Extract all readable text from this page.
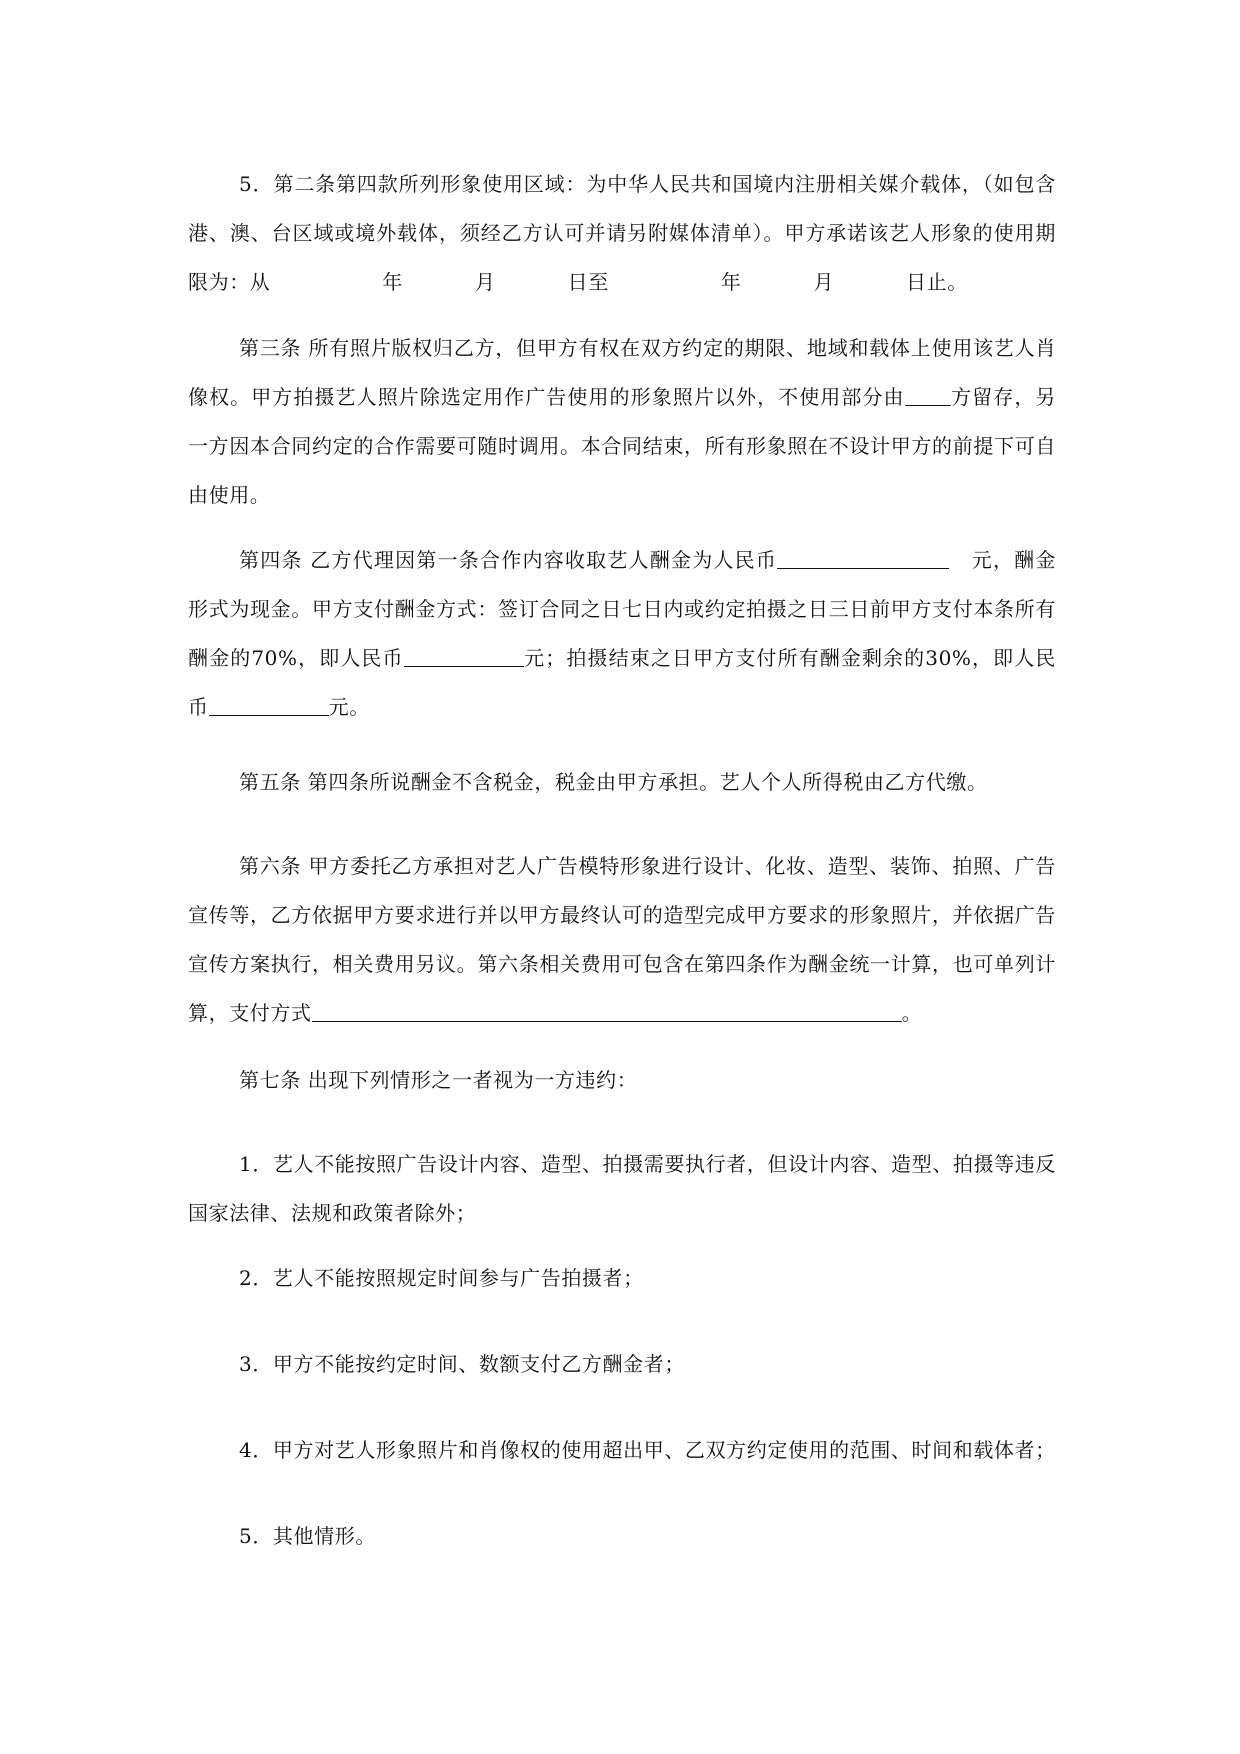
5．第二条第四款所列形象使用区域：为中华人民共和国境内注册相关媒介载体，（如包含港、澳、台区域或境外载体，须经乙方认可并请另附媒体清单）。甲方承诺该艺人形象的使用期限为：从	年	月	日至	年	月	日止。

第三条 所有照片版权归乙方，但甲方有权在双方约定的期限、地域和载体上使用该艺人肖像权。甲方拍摄艺人照片除选定用作广告使用的形象照片以外，不使用部分由 方留存，另一方因本合同约定的合作需要可随时调用。本合同结束，所有形象照在不设计甲方的前提下可自由使用。

第四条 乙方代理因第一条合作内容收取艺人酬金为人民币	元，酬金形式为现金。甲方支付酬金方式：签订合同之日七日内或约定拍摄之日三日前甲方支付本条所有酬金的70%，即人民币	元；拍摄结束之日甲方支付所有酬金剩余的30%，即人民币	元。

第五条 第四条所说酬金不含税金，税金由甲方承担。艺人个人所得税由乙方代缴。

第六条 甲方委托乙方承担对艺人广告模特形象进行设计、化妆、造型、装饰、拍照、广告宣传等，乙方依据甲方要求进行并以甲方最终认可的造型完成甲方要求的形象照片，并依据广告宣传方案执行，相关费用另议。第六条相关费用可包含在第四条作为酬金统一计算，也可单列计算，支付方式	。

第七条 出现下列情形之一者视为一方违约：

1．艺人不能按照广告设计内容、造型、拍摄需要执行者，但设计内容、造型、拍摄等违反国家法律、法规和政策者除外；

2．艺人不能按照规定时间参与广告拍摄者；

3．甲方不能按约定时间、数额支付乙方酬金者；

4．甲方对艺人形象照片和肖像权的使用超出甲、乙双方约定使用的范围、时间和载体者；

5．其他情形。
